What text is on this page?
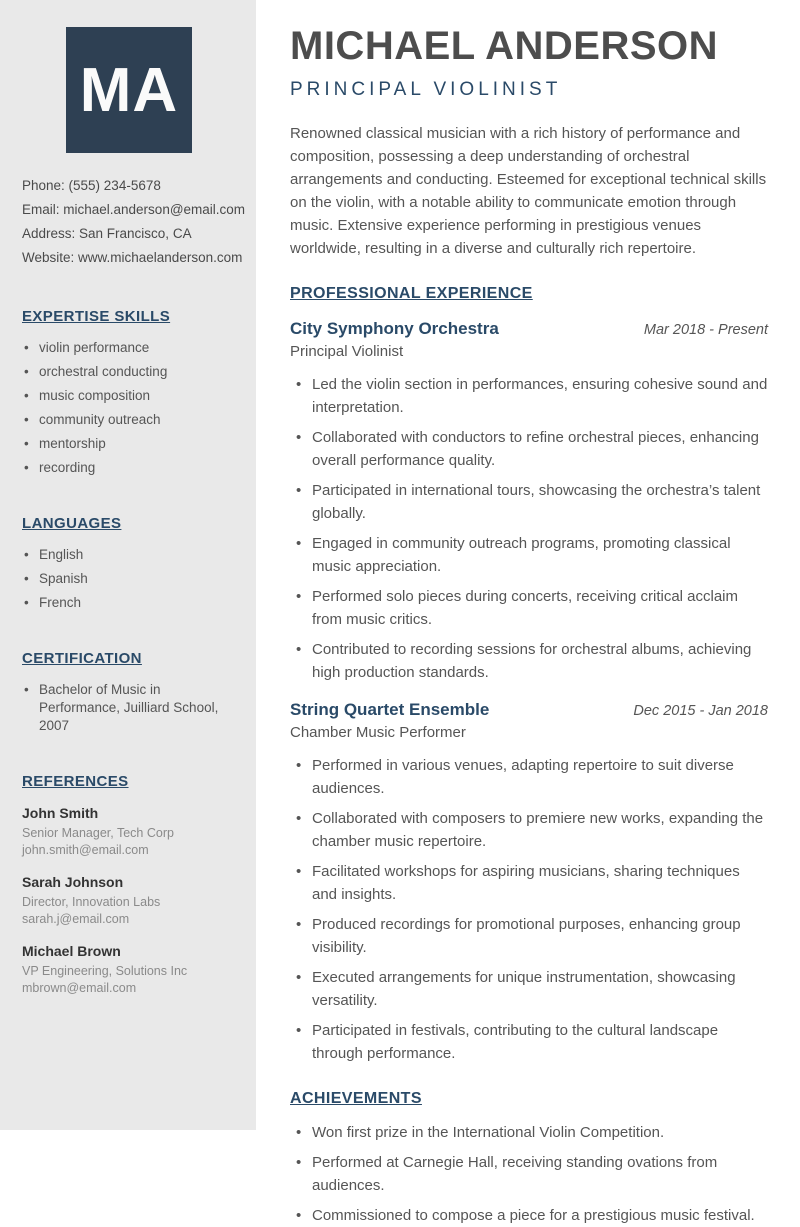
MA
Phone: (555) 234-5678
Email: michael.anderson@email.com
Address: San Francisco, CA
Website: www.michaelanderson.com
EXPERTISE SKILLS
• violin performance
• orchestral conducting
• music composition
• community outreach
• mentorship
• recording
LANGUAGES
• English
• Spanish
• French
CERTIFICATION
• Bachelor of Music in Performance, Juilliard School, 2007
REFERENCES
John Smith
Senior Manager, Tech Corp
john.smith@email.com
Sarah Johnson
Director, Innovation Labs
sarah.j@email.com
Michael Brown
VP Engineering, Solutions Inc
mbrown@email.com
MICHAEL ANDERSON
PRINCIPAL VIOLINIST
Renowned classical musician with a rich history of performance and composition, possessing a deep understanding of orchestral arrangements and conducting. Esteemed for exceptional technical skills on the violin, with a notable ability to communicate emotion through music. Extensive experience performing in prestigious venues worldwide, resulting in a diverse and culturally rich repertoire.
PROFESSIONAL EXPERIENCE
City Symphony Orchestra	Mar 2018 - Present
Principal Violinist
• Led the violin section in performances, ensuring cohesive sound and interpretation.
• Collaborated with conductors to refine orchestral pieces, enhancing overall performance quality.
• Participated in international tours, showcasing the orchestra’s talent globally.
• Engaged in community outreach programs, promoting classical music appreciation.
• Performed solo pieces during concerts, receiving critical acclaim from music critics.
• Contributed to recording sessions for orchestral albums, achieving high production standards.
String Quartet Ensemble	Dec 2015 - Jan 2018
Chamber Music Performer
• Performed in various venues, adapting repertoire to suit diverse audiences.
• Collaborated with composers to premiere new works, expanding the chamber music repertoire.
• Facilitated workshops for aspiring musicians, sharing techniques and insights.
• Produced recordings for promotional purposes, enhancing group visibility.
• Executed arrangements for unique instrumentation, showcasing versatility.
• Participated in festivals, contributing to the cultural landscape through performance.
ACHIEVEMENTS
• Won first prize in the International Violin Competition.
• Performed at Carnegie Hall, receiving standing ovations from audiences.
• Commissioned to compose a piece for a prestigious music festival.
